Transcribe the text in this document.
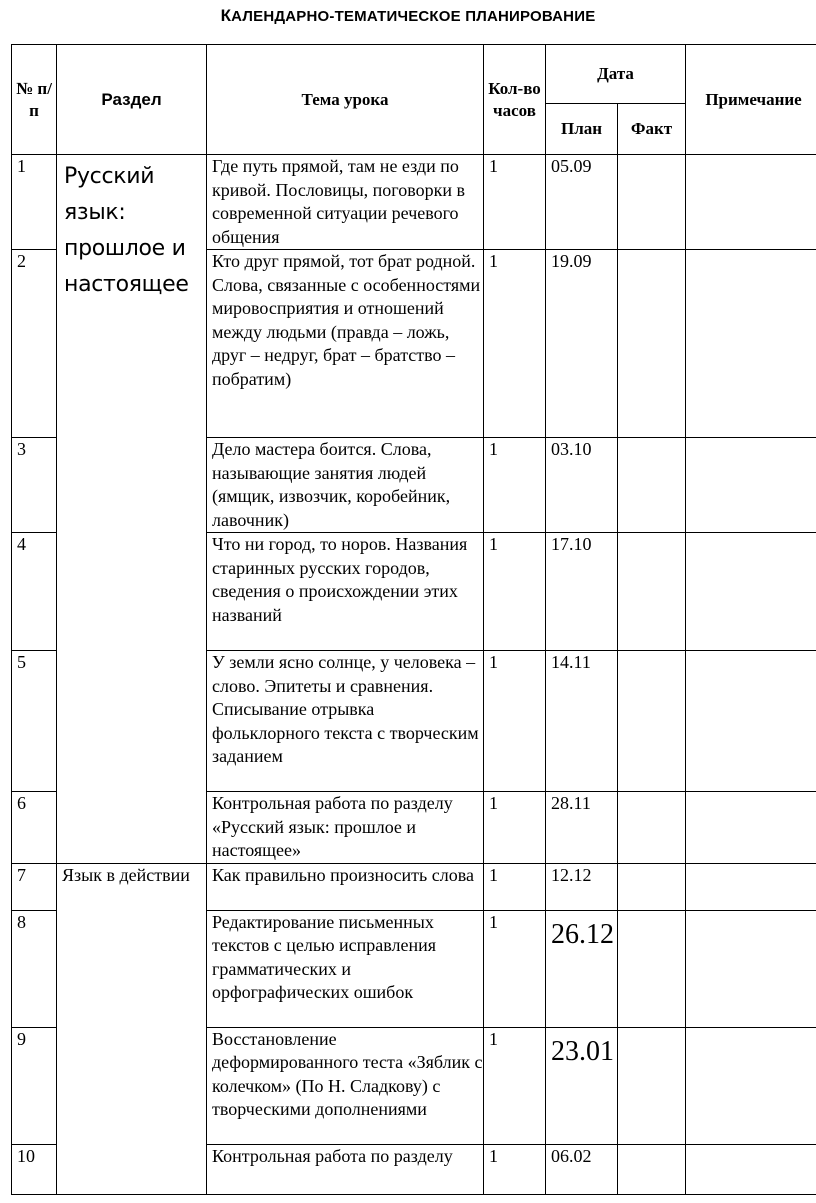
КАЛЕНДАРНО-ТЕМАТИЧЕСКОЕ ПЛАНИРОВАНИЕ
№ п/ п	Раздел	Тема урока	Кол-во часов	Дата		Примечание
				План	Факт	
1	Русский язык: прошлое и настоящее	Где путь прямой, там не езди по кривой. Пословицы, поговорки в современной ситуации речевого общения	1	05.09		
2		Кто друг прямой, тот брат родной. Слова, связанные с особенностями мировосприятия и отношений между людьми (правда – ложь, друг – недруг, брат – братство – побратим)	1	19.09		
3		Дело мастера боится. Слова, называющие занятия людей (ямщик, извозчик, коробейник, лавочник)	1	03.10		
4		Что ни город, то норов. Названия старинных русских городов, сведения о происхождении этих названий	1	17.10		
5		У земли ясно солнце, у человека – слово. Эпитеты и сравнения. Списывание отрывка фольклорного текста с творческим заданием	1	14.11		
6		Контрольная работа по разделу «Русский язык: прошлое и настоящее»	1	28.11		
7	Язык в действии	Как правильно произносить слова	1	12.12		
8		Редактирование письменных текстов с целью исправления грамматических и орфографических ошибок	1	26.12		

9		Восстановление деформированного теста «Зяблик с колечком» (По Н. Сладкову) с творческими дополнениями	1	23.01		

10		Контрольная работа по разделу	1	06.02		
